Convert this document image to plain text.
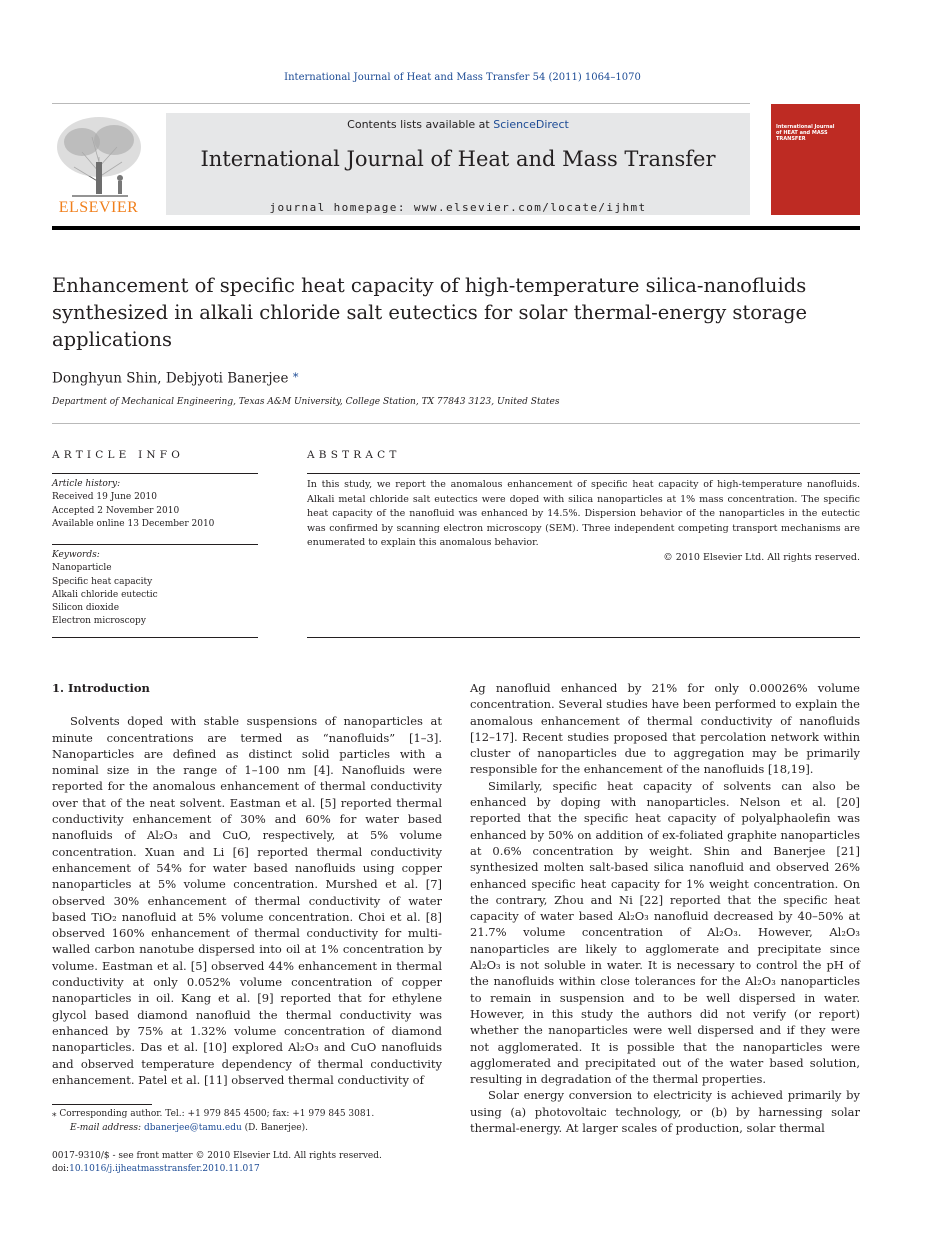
International Journal of Heat and Mass Transfer 54 (2011) 1064–1070
ELSEVIER
Contents lists available at ScienceDirect
International Journal of Heat and Mass Transfer
journal homepage: www.elsevier.com/locate/ijhmt
International Journal of HEAT and MASS TRANSFER
Enhancement of specific heat capacity of high-temperature silica-nanofluids synthesized in alkali chloride salt eutectics for solar thermal-energy storage applications
Donghyun Shin, Debjyoti Banerjee ⁎
Department of Mechanical Engineering, Texas A&M University, College Station, TX 77843 3123, United States
ARTICLE INFO	ABSTRACT
Article history:
Received 19 June 2010
Accepted 2 November 2010
Available online 13 December 2010
Keywords:
Nanoparticle
Specific heat capacity
Alkali chloride eutectic
Silicon dioxide
Electron microscopy
In this study, we report the anomalous enhancement of specific heat capacity of high-temperature nanofluids. Alkali metal chloride salt eutectics were doped with silica nanoparticles at 1% mass concentration. The specific heat capacity of the nanofluid was enhanced by 14.5%. Dispersion behavior of the nanoparticles in the eutectic was confirmed by scanning electron microscopy (SEM). Three independent competing transport mechanisms are enumerated to explain this anomalous behavior.
© 2010 Elsevier Ltd. All rights reserved.
1. Introduction

Solvents doped with stable suspensions of nanoparticles at minute concentrations are termed as “nanofluids” [1–3]. Nanoparticles are defined as distinct solid particles with a nominal size in the range of 1–100 nm [4]. Nanofluids were reported for the anomalous enhancement of thermal conductivity over that of the neat solvent. Eastman et al. [5] reported thermal conductivity enhancement of 30% and 60% for water based nanofluids of Al₂O₃ and CuO, respectively, at 5% volume concentration. Xuan and Li [6] reported thermal conductivity enhancement of 54% for water based nanofluids using copper nanoparticles at 5% volume concentration. Murshed et al. [7] observed 30% enhancement of thermal conductivity of water based TiO₂ nanofluid at 5% volume concentration. Choi et al. [8] observed 160% enhancement of thermal conductivity for multi-walled carbon nanotube dispersed into oil at 1% concentration by volume. Eastman et al. [5] observed 44% enhancement in thermal conductivity at only 0.052% volume concentration of copper nanoparticles in oil. Kang et al. [9] reported that for ethylene glycol based diamond nanofluid the thermal conductivity was enhanced by 75% at 1.32% volume concentration of diamond nanoparticles. Das et al. [10] explored Al₂O₃ and CuO nanofluids and observed temperature dependency of thermal conductivity enhancement. Patel et al. [11] observed thermal conductivity of

Ag nanofluid enhanced by 21% for only 0.00026% volume concentration. Several studies have been performed to explain the anomalous enhancement of thermal conductivity of nanofluids [12–17]. Recent studies proposed that percolation network within cluster of nanoparticles due to aggregation may be primarily responsible for the enhancement of the nanofluids [18,19].

Similarly, specific heat capacity of solvents can also be enhanced by doping with nanoparticles. Nelson et al. [20] reported that the specific heat capacity of polyalphaolefin was enhanced by 50% on addition of ex-foliated graphite nanoparticles at 0.6% concentration by weight. Shin and Banerjee [21] synthesized molten salt-based silica nanofluid and observed 26% enhanced specific heat capacity for 1% weight concentration. On the contrary, Zhou and Ni [22] reported that the specific heat capacity of water based Al₂O₃ nanofluid decreased by 40–50% at 21.7% volume concentration of Al₂O₃. However, Al₂O₃ nanoparticles are likely to agglomerate and precipitate since Al₂O₃ is not soluble in water. It is necessary to control the pH of the nanofluids within close tolerances for the Al₂O₃ nanoparticles to remain in suspension and to be well dispersed in water. However, in this study the authors did not verify (or report) whether the nanoparticles were well dispersed and if they were not agglomerated. It is possible that the nanoparticles were agglomerated and precipitated out of the water based solution, resulting in degradation of the thermal properties.

Solar energy conversion to electricity is achieved primarily by using (a) photovoltaic technology, or (b) by harnessing solar thermal-energy. At larger scales of production, solar thermal

⁎ Corresponding author. Tel.: +1 979 845 4500; fax: +1 979 845 3081.
E-mail address: dbanerjee@tamu.edu (D. Banerjee).
0017-9310/$ - see front matter © 2010 Elsevier Ltd. All rights reserved.
doi:10.1016/j.ijheatmasstransfer.2010.11.017
